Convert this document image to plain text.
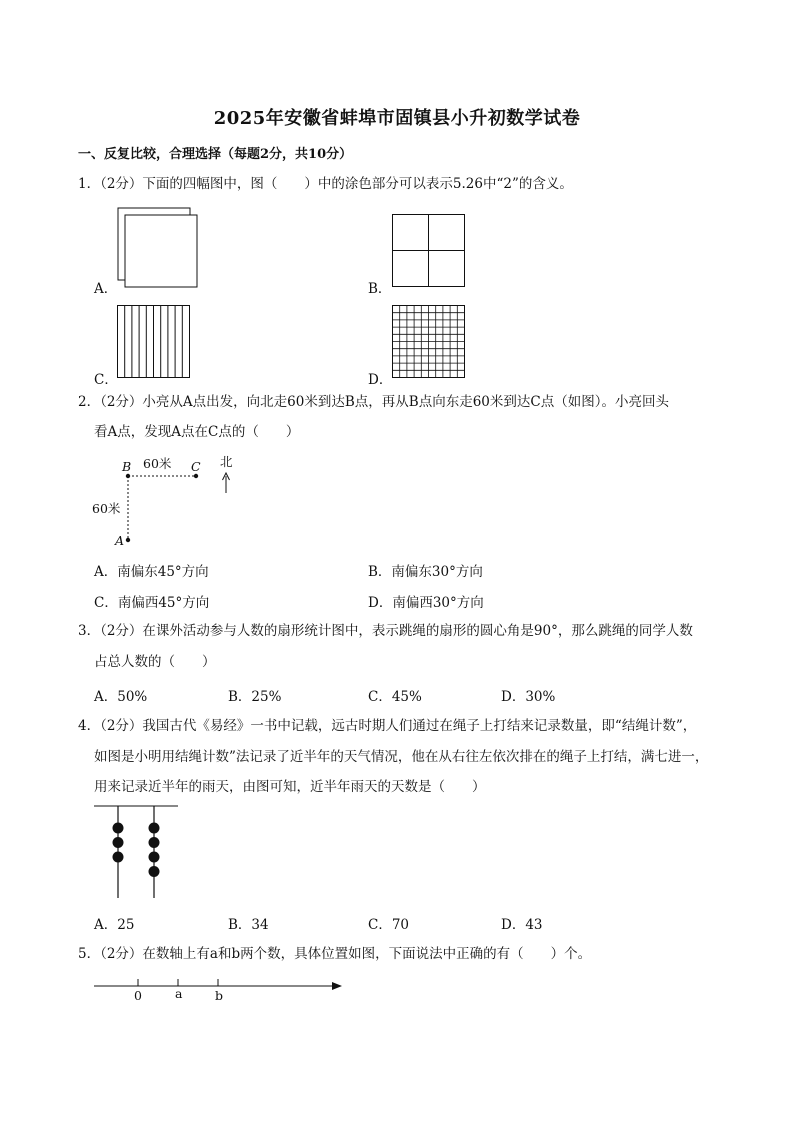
2025年安徽省蚌埠市固镇县小升初数学试卷
一、反复比较，合理选择（每题2分，共10分）
1．（2分）下面的四幅图中，图（　　）中的涂色部分可以表示5.26中“2”的含义。
A．	B．
C．	D．
2．（2分）小亮从A点出发，向北走60米到达B点，再从B点向东走60米到达C点（如图）。小亮回头
看A点，发现A点在C点的（　　）
B 60米 C 北
60米
A
A．南偏东45°方向	B．南偏东30°方向
C．南偏西45°方向	D．南偏西30°方向
3．（2分）在课外活动参与人数的扇形统计图中，表示跳绳的扇形的圆心角是90°，那么跳绳的同学人数
占总人数的（　　）
A．50%	B．25%	C．45%	D．30%
4．（2分）我国古代《易经》一书中记载，远古时期人们通过在绳子上打结来记录数量，即“结绳计数”，
如图是小明用结绳计数”法记录了近半年的天气情况，他在从右往左依次排在的绳子上打结，满七进一，
用来记录近半年的雨天，由图可知，近半年雨天的天数是（　　）
A．25	B．34	C．70	D．43
5．（2分）在数轴上有a和b两个数，具体位置如图，下面说法中正确的有（　　）个。
0	a	b
